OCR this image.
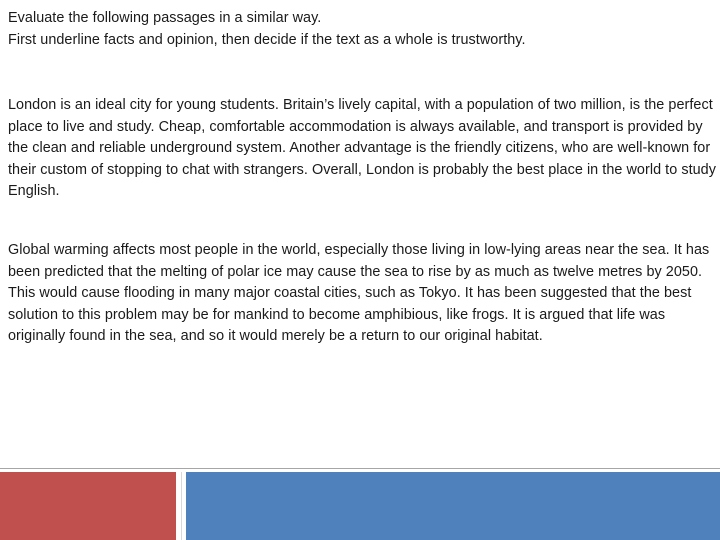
Evaluate the following passages in a similar way.

First underline facts and opinion, then decide if the text as a whole is trustworthy.

London is an ideal city for young students. Britain’s lively capital, with a population of two million, is the perfect place to live and study. Cheap, comfortable accommodation is always available, and transport is provided by the clean and reliable underground system. Another advantage is the friendly citizens, who are well-known for their custom of stopping to chat with strangers. Overall, London is probably the best place in the world to study English.

Global warming affects most people in the world, especially those living in low-lying areas near the sea. It has been predicted that the melting of polar ice may cause the sea to rise by as much as twelve metres by 2050. This would cause flooding in many major coastal cities, such as Tokyo. It has been suggested that the best solution to this problem may be for mankind to become amphibious, like frogs. It is argued that life was originally found in the sea, and so it would merely be a return to our original habitat.
